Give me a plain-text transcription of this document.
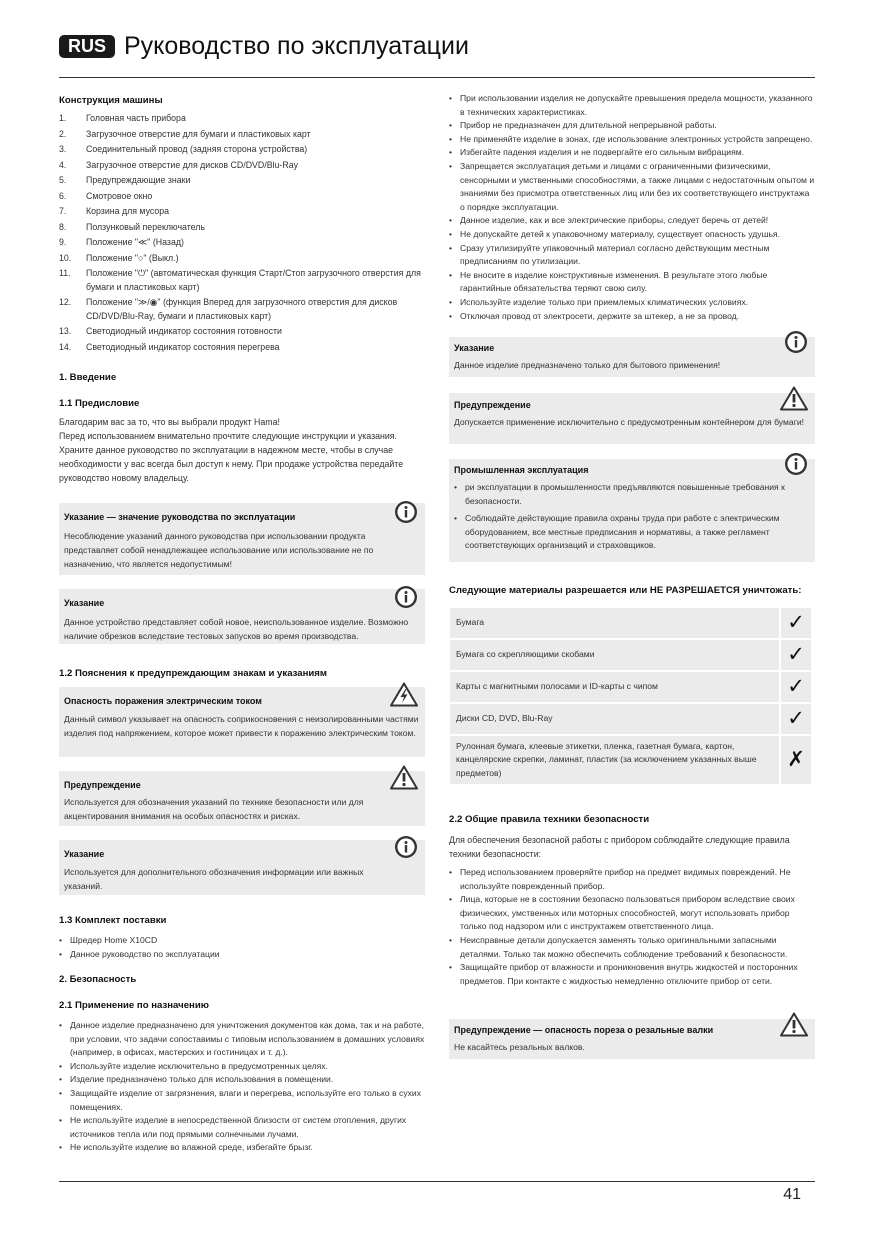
RUS Руководство по эксплуатации
Конструкция машины
1. Головная часть прибора
2. Загрузочное отверстие для бумаги и пластиковых карт
3. Соединительный провод (задняя сторона устройства)
4. Загрузочное отверстие для дисков CD/DVD/Blu-Ray
5. Предупреждающие знаки
6. Смотровое окно
7. Корзина для мусора
8. Ползунковый переключатель
9. Положение "≪" (Назад)
10. Положение "○" (Выкл.)
11. Положение "⏻" (автоматическая функция Старт/Стоп загрузочного отверстия для бумаги и пластиковых карт)
12. Положение "≫/◉" (функция Вперед для загрузочного отверстия для дисков CD/DVD/Blu-Ray, бумаги и пластиковых карт)
13. Светодиодный индикатор состояния готовности
14. Светодиодный индикатор состояния перегрева
1. Введение
1.1 Предисловие
Благодарим вас за то, что вы выбрали продукт Hama!
Перед использованием внимательно прочтите следующие инструкции и указания.
Храните данное руководство по эксплуатации в надежном месте, чтобы в случае
необходимости у вас всегда был доступ к нему. При продаже устройства передайте
руководство новому владельцу.
Указание — значение руководства по эксплуатации
Несоблюдение указаний данного руководства при использовании продукта представляет собой ненадлежащее использование или использование не по назначению, что является недопустимым!
Указание
Данное устройство представляет собой новое, неиспользованное изделие. Возможно наличие обрезков вследствие тестовых запусков во время производства.
1.2 Пояснения к предупреждающим знакам и указаниям
Опасность поражения электрическим током
Данный символ указывает на опасность соприкосновения с неизолированными частями изделия под напряжением, которое может привести к поражению электрическим током.
Предупреждение
Используется для обозначения указаний по технике безопасности или для акцентирования внимания на особых опасностях и рисках.
Указание
Используется для дополнительного обозначения информации или важных указаний.
1.3 Комплект поставки
• Шредер Home X10CD
• Данное руководство по эксплуатации
2. Безопасность
2.1 Применение по назначению
• Данное изделие предназначено для уничтожения документов как дома, так и на работе, при условии, что задачи сопоставимы с типовым использованием в домашних условиях (например, в офисах, мастерских и гостиницах и т. д.).
• Используйте изделие исключительно в предусмотренных целях.
• Изделие предназначено только для использования в помещении.
• Защищайте изделие от загрязнения, влаги и перегрева, используйте его только в сухих помещениях.
• Не используйте изделие в непосредственной близости от систем отопления, других источников тепла или под прямыми солнечными лучами.
• Не используйте изделие во влажной среде, избегайте брызг.
• При использовании изделия не допускайте превышения предела мощности, указанного в технических характеристиках.
• Прибор не предназначен для длительной непрерывной работы.
• Не применяйте изделие в зонах, где использование электронных устройств запрещено.
• Избегайте падения изделия и не подвергайте его сильным вибрациям.
• Запрещается эксплуатация детьми и лицами с ограниченными физическими, сенсорными и умственными способностями, а также лицами с недостаточным опытом и знаниями без присмотра ответственных лиц или без их соответствующего инструктажа о порядке эксплуатации.
• Данное изделие, как и все электрические приборы, следует беречь от детей!
• Не допускайте детей к упаковочному материалу, существует опасность удушья.
• Сразу утилизируйте упаковочный материал согласно действующим местным предписаниям по утилизации.
• Не вносите в изделие конструктивные изменения. В результате этого любые гарантийные обязательства теряют свою силу.
• Используйте изделие только при приемлемых климатических условиях.
• Отключая провод от электросети, держите за штекер, а не за провод.
Указание
Данное изделие предназначено только для бытового применения!
Предупреждение
Допускается применение исключительно с предусмотренным контейнером для бумаги!
Промышленная эксплуатация
• ри эксплуатации в промышленности предъявляются повышенные требования к безопасности.
• Соблюдайте действующие правила охраны труда при работе с электрическим оборудованием, все местные предписания и нормативы, а также регламент соответствующих организаций и страховщиков.
Следующие материалы разрешается или НЕ РАЗРЕШАЕТСЯ уничтожать:
Бумага	✓
Бумага со скрепляющими скобами	✓
Карты с магнитными полосами и ID-карты с чипом	✓
Диски CD, DVD, Blu-Ray	✓
Рулонная бумага, клеевые этикетки, пленка, газетная бумага, картон, канцелярские скрепки, ламинат, пластик (за исключением указанных выше предметов)	✗
2.2 Общие правила техники безопасности
Для обеспечения безопасной работы с прибором соблюдайте следующие правила техники безопасности:
• Перед использованием проверяйте прибор на предмет видимых повреждений. Не используйте поврежденный прибор.
• Лица, которые не в состоянии безопасно пользоваться прибором вследствие своих физических, умственных или моторных способностей, могут использовать прибор только под надзором или с инструктажем ответственного лица.
• Неисправные детали допускается заменять только оригинальными запасными деталями. Только так можно обеспечить соблюдение требований к безопасности.
• Защищайте прибор от влажности и проникновения внутрь жидкостей и посторонних предметов. При контакте с жидкостью немедленно отключите прибор от сети.
Предупреждение — опасность пореза о резальные валки
Не касайтесь резальных валков.
41
